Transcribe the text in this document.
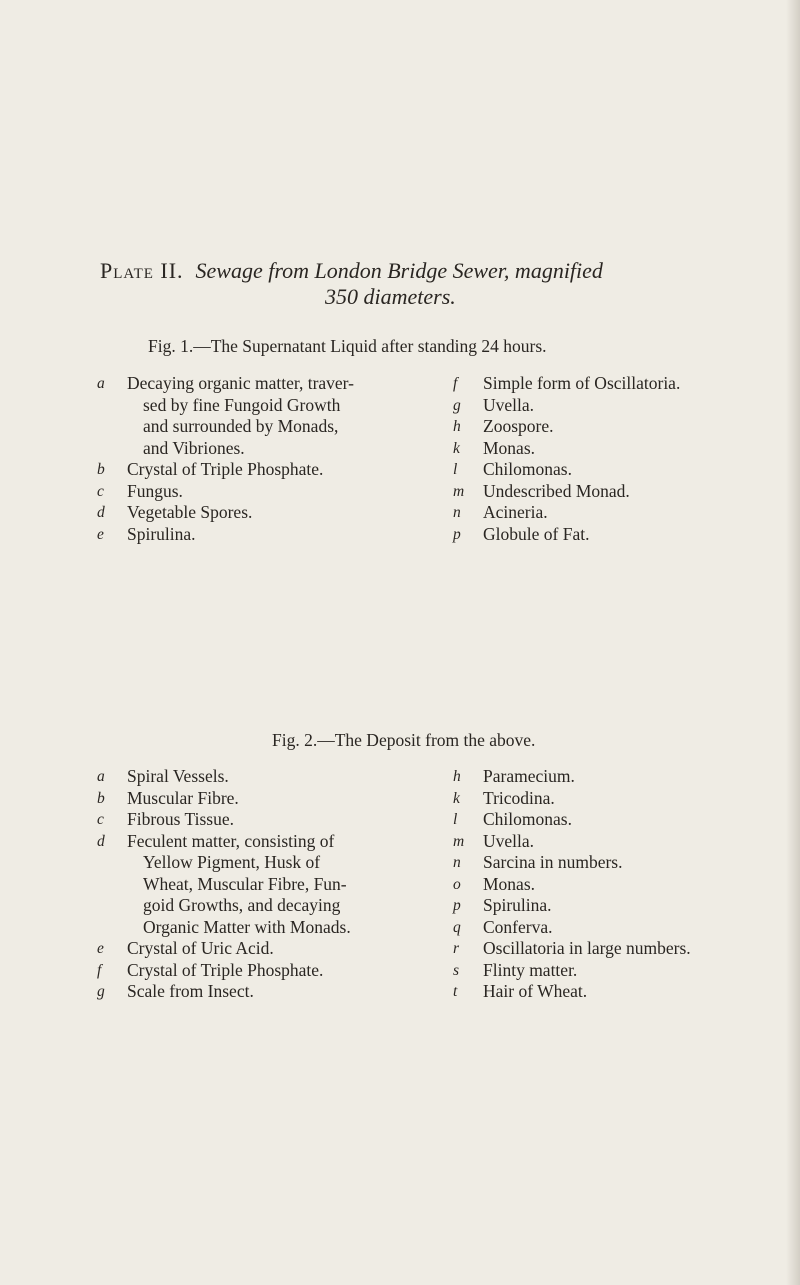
Plate II. Sewage from London Bridge Sewer, magnified
350 diameters.
Fig. 1.—The Supernatant Liquid after standing 24 hours.
a Decaying organic matter, traver-
sed by fine Fungoid Growth
and surrounded by Monads,
and Vibriones.
b Crystal of Triple Phosphate.
c Fungus.
d Vegetable Spores.
e Spirulina.
f Simple form of Oscillatoria.
g Uvella.
h Zoospore.
k Monas.
l Chilomonas.
m Undescribed Monad.
n Acineria.
p Globule of Fat.
Fig. 2.—The Deposit from the above.
a Spiral Vessels.
b Muscular Fibre.
c Fibrous Tissue.
d Feculent matter, consisting of
Yellow Pigment, Husk of
Wheat, Muscular Fibre, Fun-
goid Growths, and decaying
Organic Matter with Monads.
e Crystal of Uric Acid.
f Crystal of Triple Phosphate.
g Scale from Insect.
h Paramecium.
k Tricodina.
l Chilomonas.
m Uvella.
n Sarcina in numbers.
o Monas.
p Spirulina.
q Conferva.
r Oscillatoria in large numbers.
s Flinty matter.
t Hair of Wheat.
